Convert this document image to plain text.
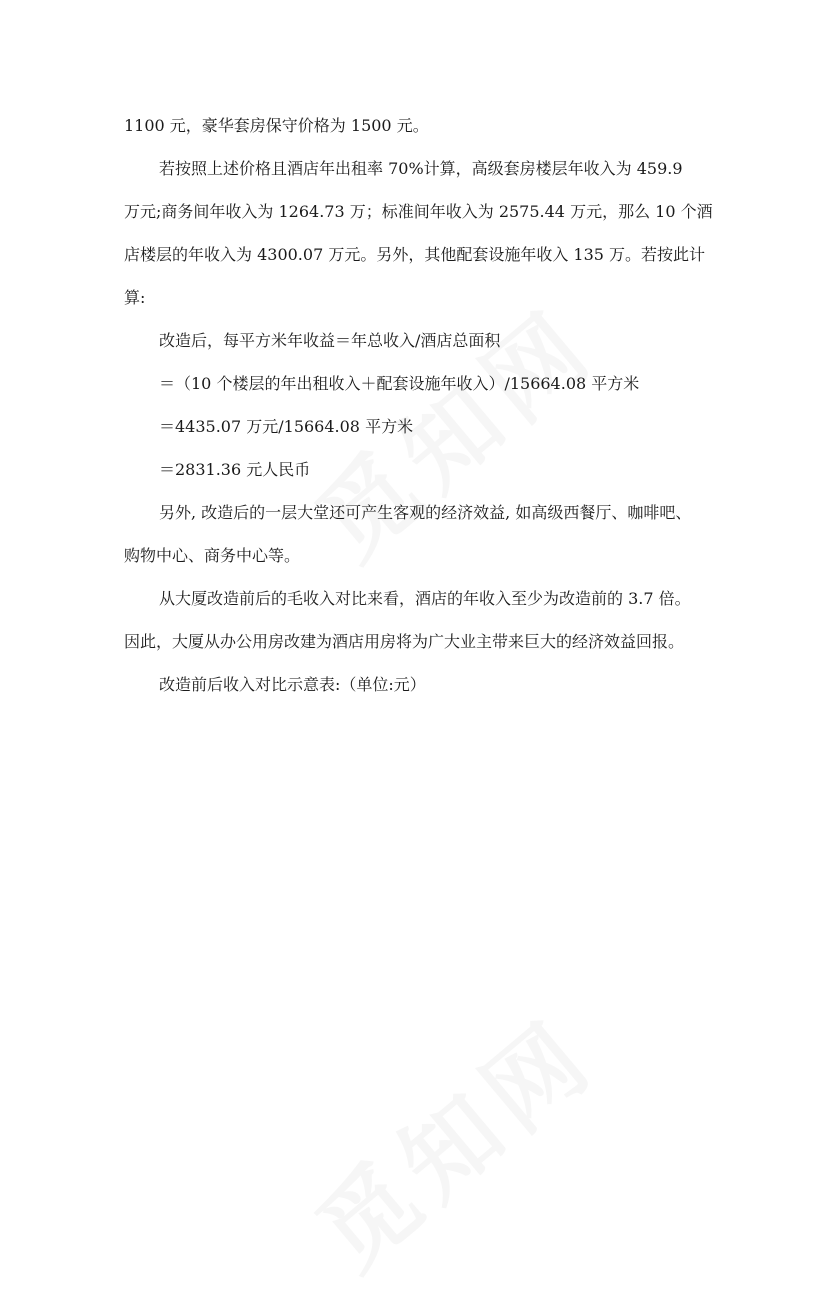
1100 元，豪华套房保守价格为 1500 元。
若按照上述价格且酒店年出租率 70%计算，高级套房楼层年收入为 459.9
万元;商务间年收入为 1264.73 万；标准间年收入为 2575.44 万元，那么 10 个酒
店楼层的年收入为 4300.07 万元。另外，其他配套设施年收入 135 万。若按此计
算:
改造后，每平方米年收益＝年总收入/酒店总面积
＝（10 个楼层的年出租收入＋配套设施年收入）/15664.08 平方米
＝4435.07 万元/15664.08 平方米
＝2831.36 元人民币
另外, 改造后的一层大堂还可产生客观的经济效益, 如高级西餐厅、咖啡吧、
购物中心、商务中心等。
从大厦改造前后的毛收入对比来看，酒店的年收入至少为改造前的 3.7 倍。
因此，大厦从办公用房改建为酒店用房将为广大业主带来巨大的经济效益回报。
改造前后收入对比示意表:（单位:元）
